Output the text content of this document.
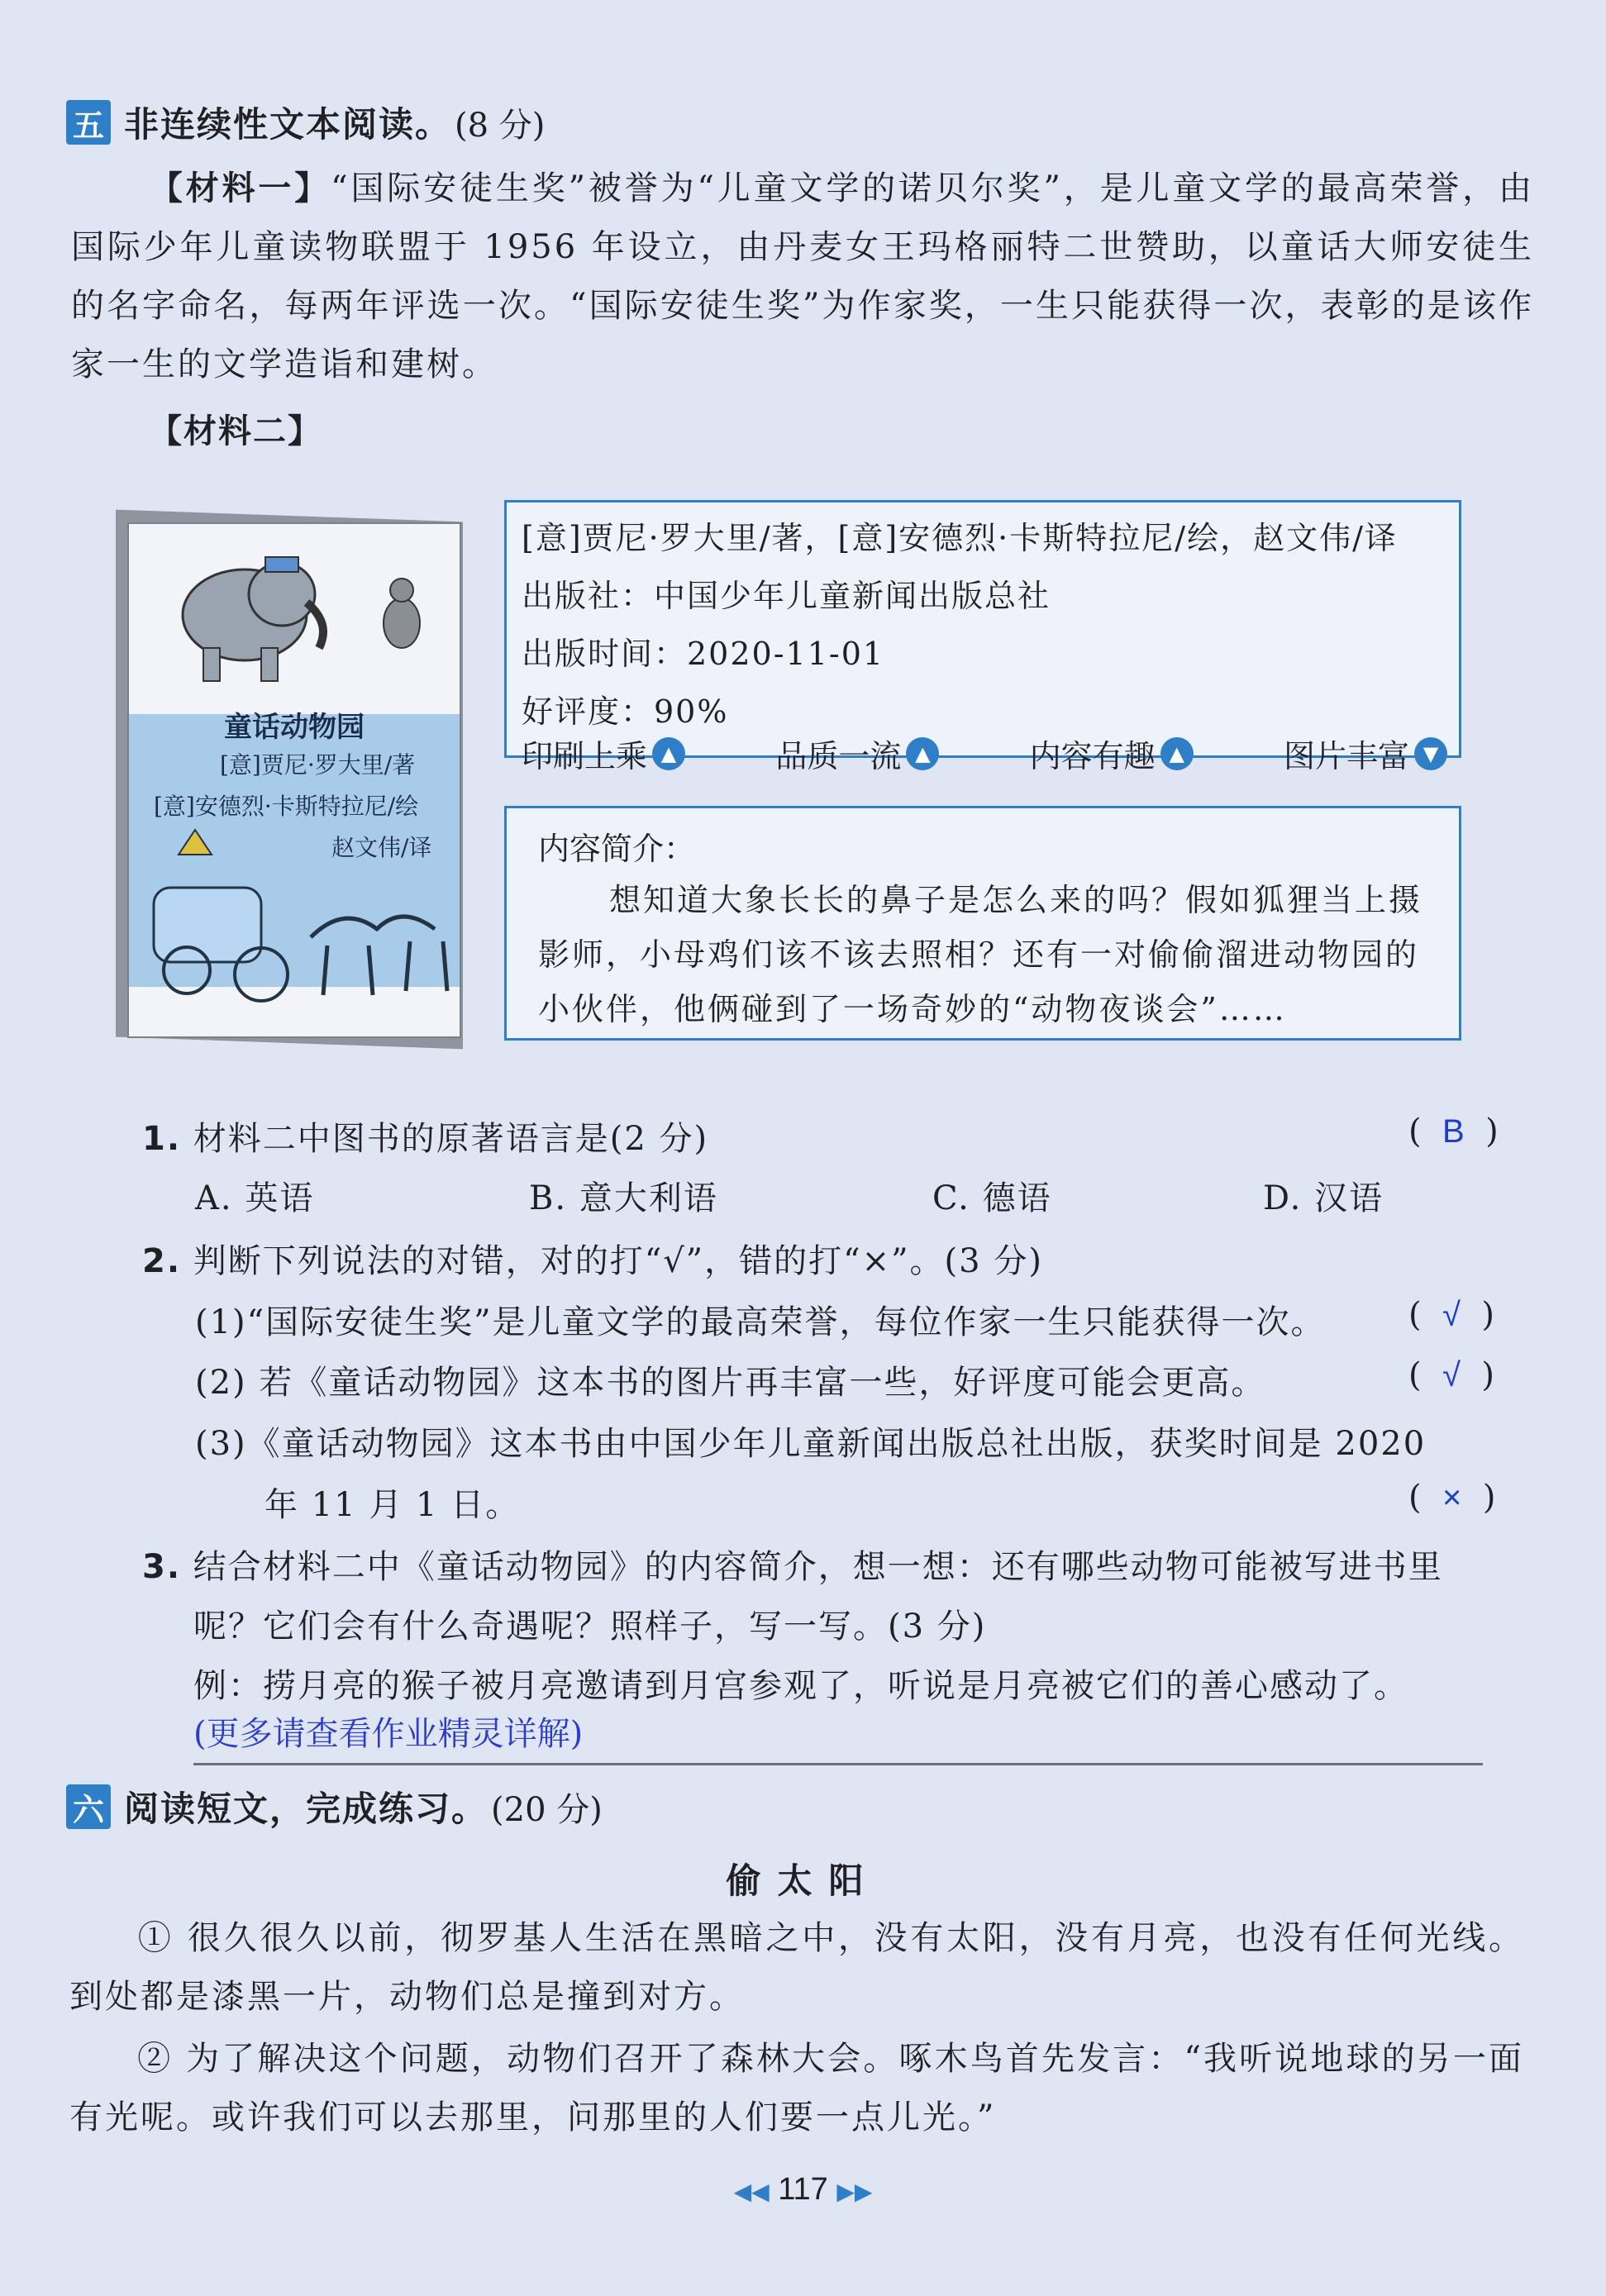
五 非连续性文本阅读。 (8 分)
【材料一】“国际安徒生奖”被誉为“儿童文学的诺贝尔奖”，是儿童文学的最高荣誉，由国际少年儿童读物联盟于 1956 年设立，由丹麦女王玛格丽特二世赞助，以童话大师安徒生的名字命名，每两年评选一次。“国际安徒生奖”为作家奖，一生只能获得一次，表彰的是该作家一生的文学造诣和建树。
【材料二】
童话动物园
[意]贾尼·罗大里/著
[意]安德烈·卡斯特拉尼/绘
赵文伟/译
[意]贾尼·罗大里/著，[意]安德烈·卡斯特拉尼/绘，赵文伟/译
出版社：中国少年儿童新闻出版总社
出版时间：2020-11-01
好评度：90%
印刷上乘 ▲	品质一流 ▲	内容有趣 ▲	图片丰富 ▼
内容简介：
想知道大象长长的鼻子是怎么来的吗？假如狐狸当上摄影师，小母鸡们该不该去照相？还有一对偷偷溜进动物园的小伙伴，他俩碰到了一场奇妙的“动物夜谈会”……
1. 材料二中图书的原著语言是(2 分)	(  B  )
A. 英语	B. 意大利语	C. 德语	D. 汉语
2. 判断下列说法的对错，对的打“√”，错的打“×”。(3 分)
(1)“国际安徒生奖”是儿童文学的最高荣誉，每位作家一生只能获得一次。	(  √  )
(2) 若《童话动物园》这本书的图片再丰富一些，好评度可能会更高。	(  √  )
(3)《童话动物园》这本书由中国少年儿童新闻出版总社出版，获奖时间是 2020
年 11 月 1 日。	(  ×  )
3. 结合材料二中《童话动物园》的内容简介，想一想：还有哪些动物可能被写进书里
呢？它们会有什么奇遇呢？照样子，写一写。(3 分)
例：捞月亮的猴子被月亮邀请到月宫参观了，听说是月亮被它们的善心感动了。
(更多请查看作业精灵详解)
六 阅读短文，完成练习。 (20 分)
偷太阳
① 很久很久以前，彻罗基人生活在黑暗之中，没有太阳，没有月亮，也没有任何光线。到处都是漆黑一片，动物们总是撞到对方。
② 为了解决这个问题，动物们召开了森林大会。啄木鸟首先发言：“我听说地球的另一面有光呢。或许我们可以去那里，问那里的人们要一点儿光。”
◀◀ 117 ▶▶
